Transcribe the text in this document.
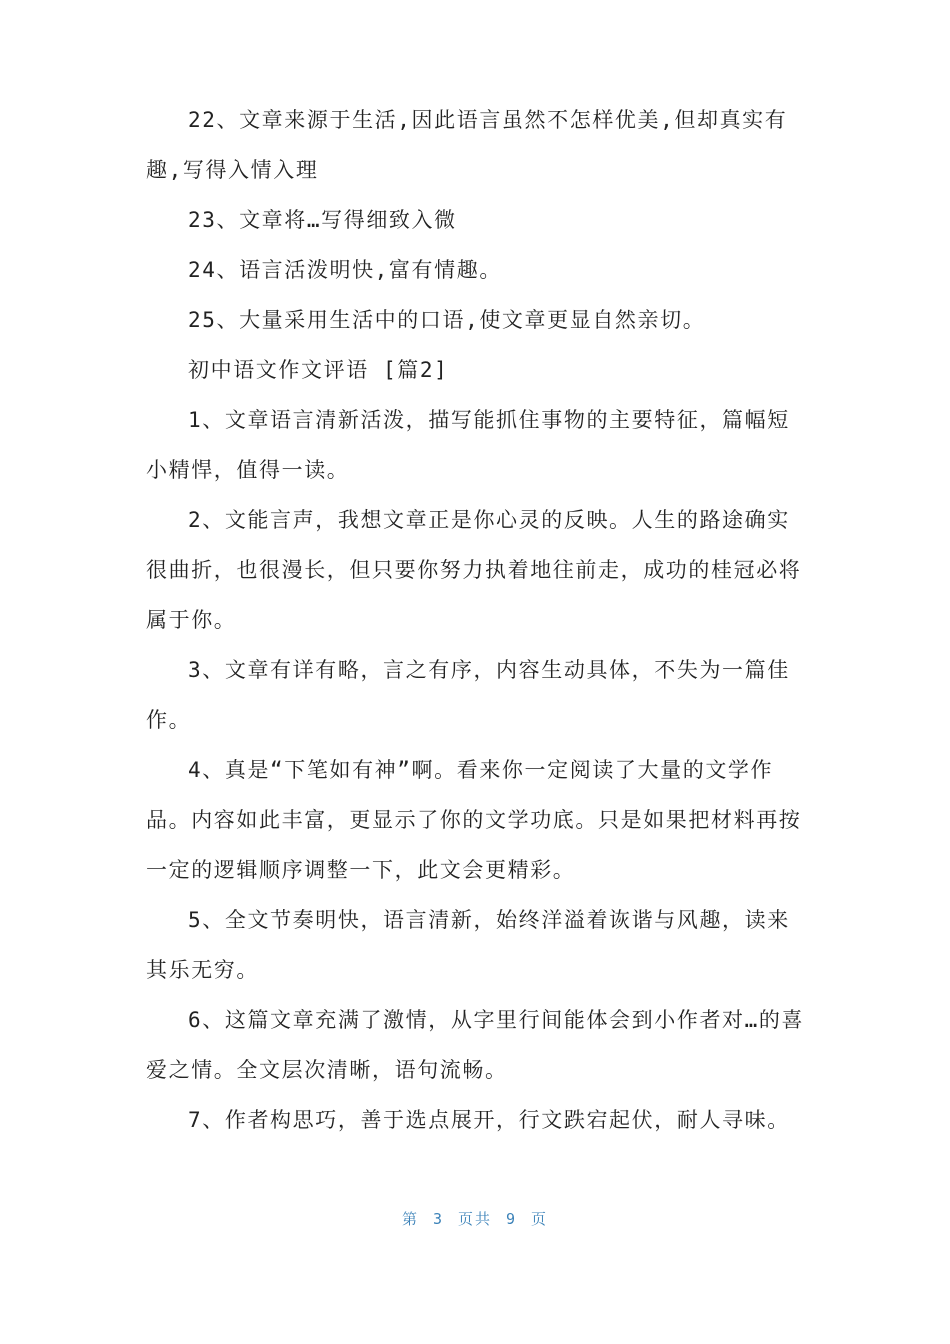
22、文章来源于生活,因此语言虽然不怎样优美,但却真实有趣,写得入情入理

23、文章将…写得细致入微

24、语言活泼明快,富有情趣。

25、大量采用生活中的口语,使文章更显自然亲切。

初中语文作文评语 [篇2]

1、文章语言清新活泼，描写能抓住事物的主要特征，篇幅短小精悍，值得一读。

2、文能言声，我想文章正是你心灵的反映。人生的路途确实很曲折，也很漫长，但只要你努力执着地往前走，成功的桂冠必将属于你。

3、文章有详有略，言之有序，内容生动具体，不失为一篇佳作。

4、真是“下笔如有神”啊。看来你一定阅读了大量的文学作品。内容如此丰富，更显示了你的文学功底。只是如果把材料再按一定的逻辑顺序调整一下，此文会更精彩。

5、全文节奏明快，语言清新，始终洋溢着诙谐与风趣，读来其乐无穷。

6、这篇文章充满了激情，从字里行间能体会到小作者对…的喜爱之情。全文层次清晰，语句流畅。

7、作者构思巧，善于选点展开，行文跌宕起伏，耐人寻味。

第 3 页共 9 页
